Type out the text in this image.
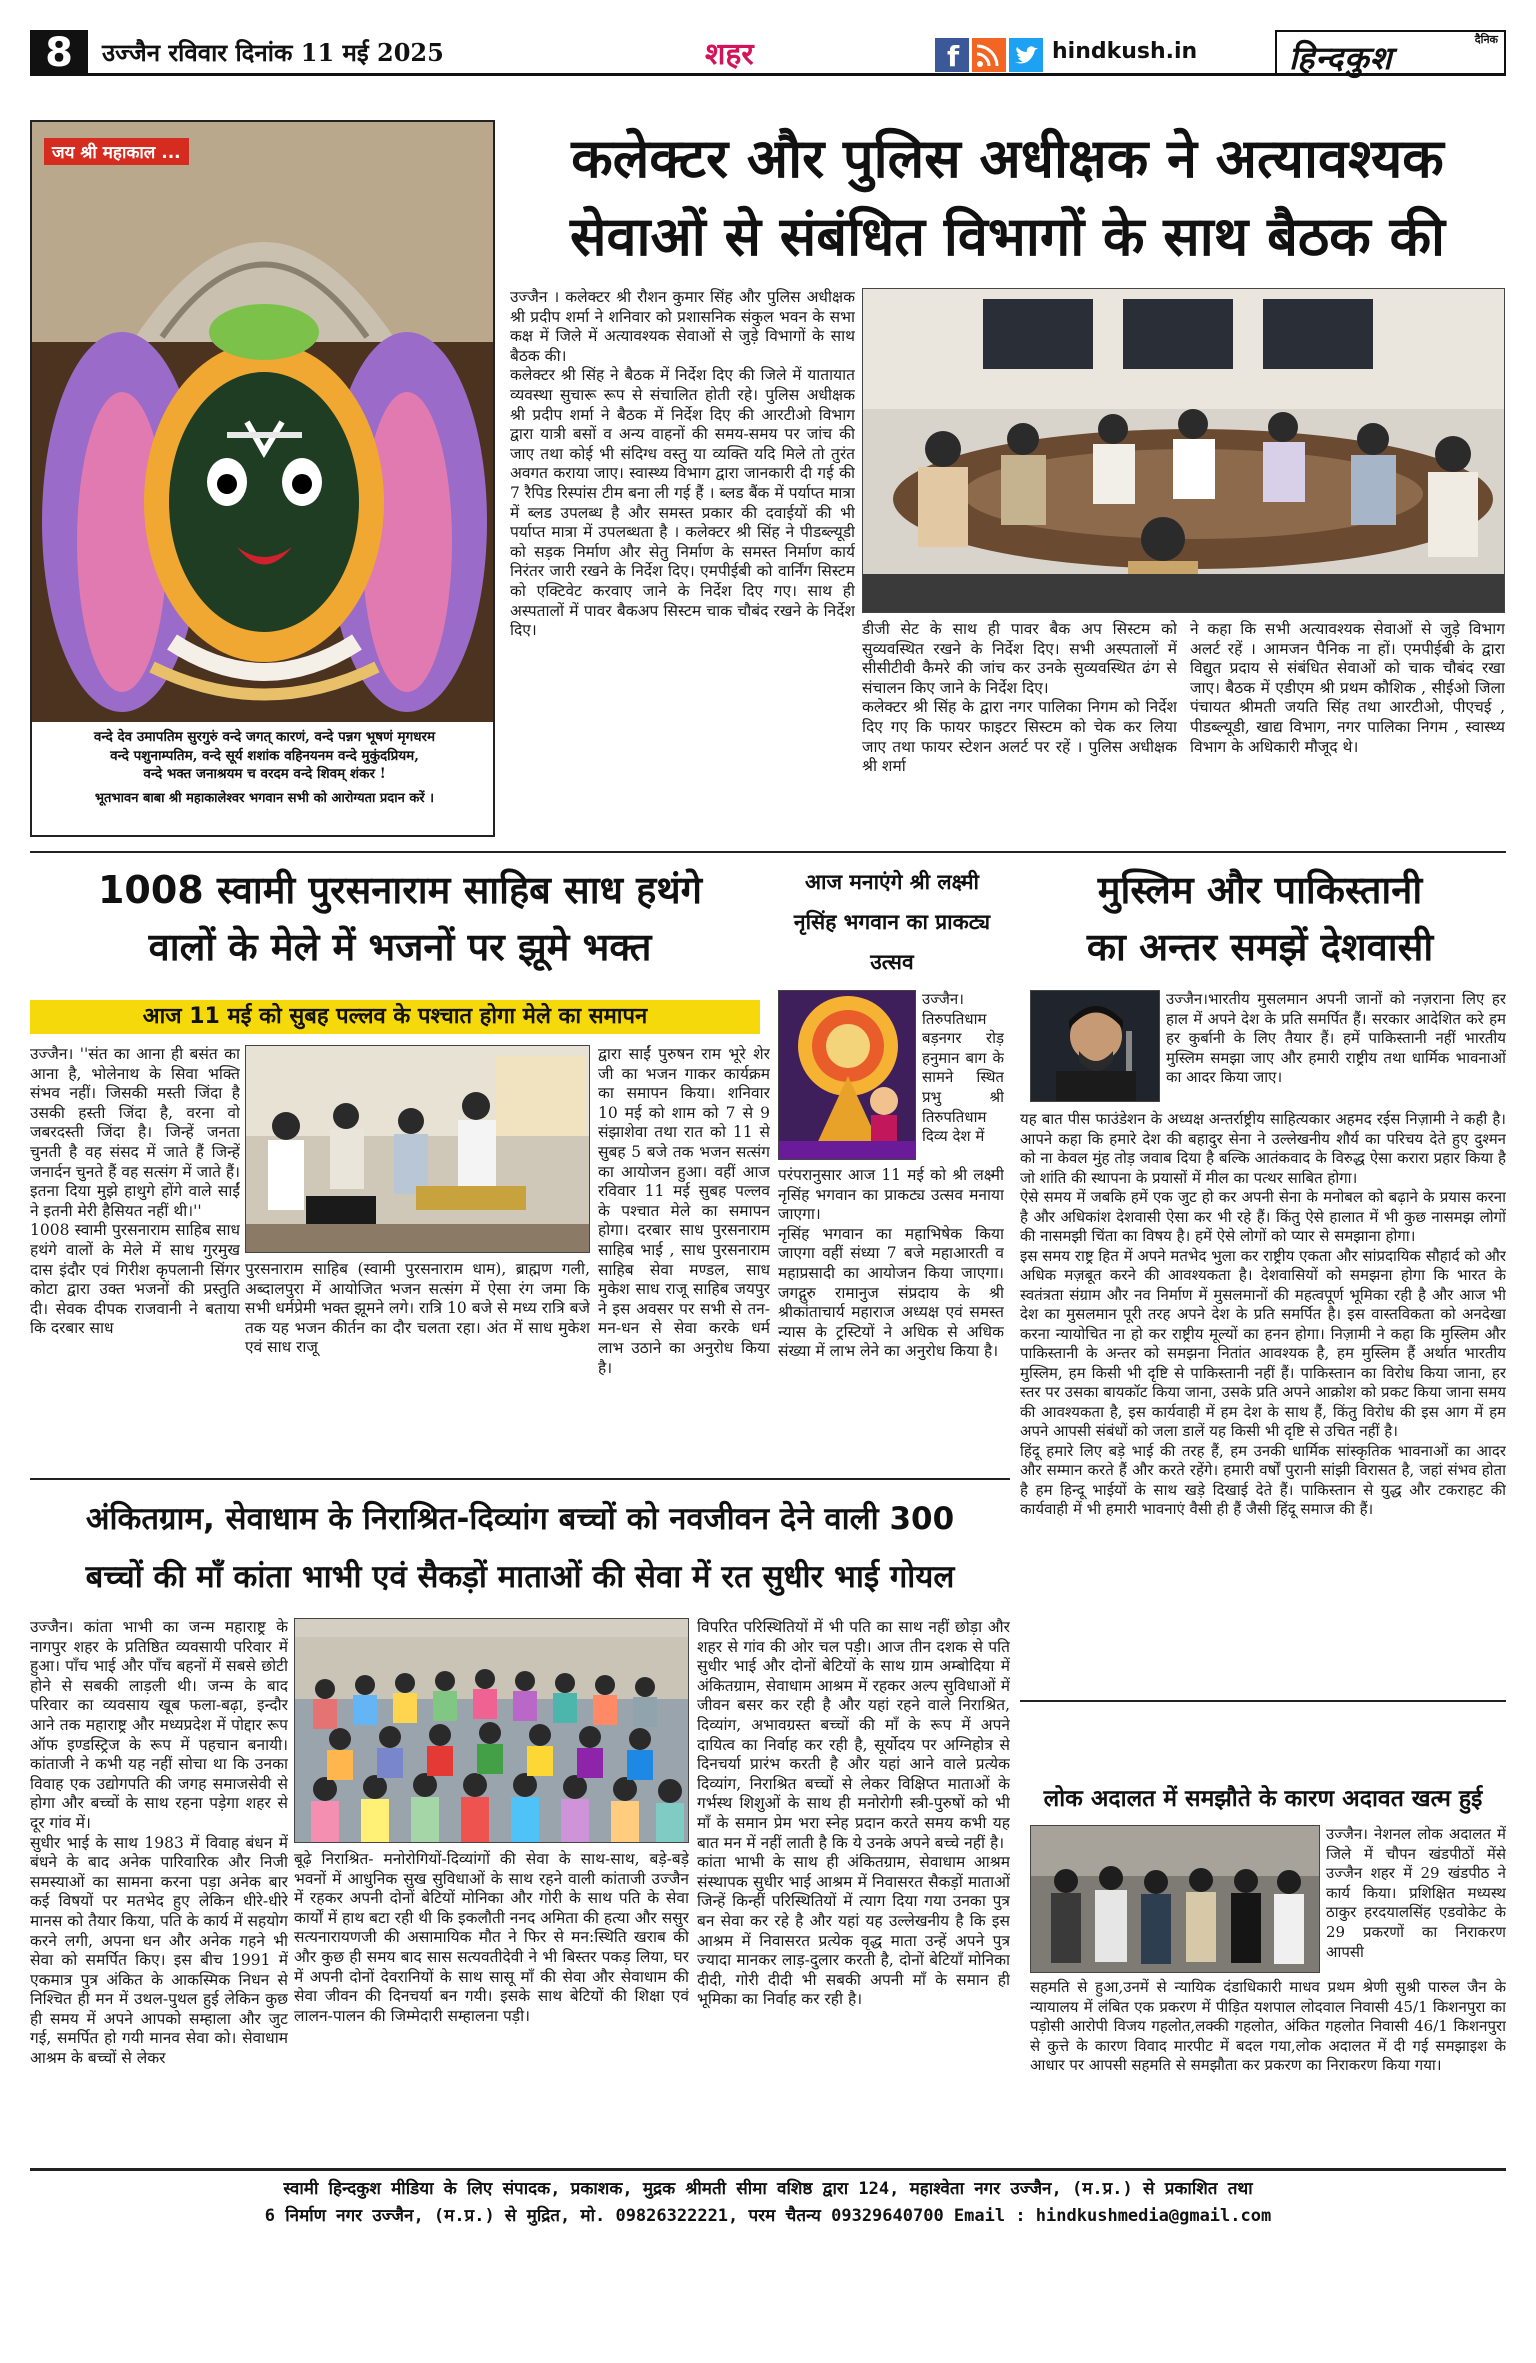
8	उज्जैन रविवार दिनांक 11 मई 2025	शहर	f	hindkush.in	दैनिक
हिन्दकुश
जय श्री महाकाल ...
वन्दे देव उमापतिम सुरगुरुं वन्दे जगत् कारणं, वन्दे पन्नग भूषणं मृगधरम
वन्दे पशुनाम्पतिम, वन्दे सूर्य शशांक वहिनयनम वन्दे मुकुंदप्रियम,
वन्दे भक्त जनाश्रयम च वरदम वन्दे शिवम् शंकर !
भूतभावन बाबा श्री महाकालेश्वर भगवान सभी को आरोग्यता प्रदान करें ।
कलेक्टर और पुलिस अधीक्षक ने अत्यावश्यक
सेवाओं से संबंधित विभागों के साथ बैठक की

उज्जैन । कलेक्टर श्री रौशन कुमार सिंह और पुलिस अधीक्षक श्री प्रदीप शर्मा ने शनिवार को प्रशासनिक संकुल भवन के सभा कक्ष में जिले में अत्यावश्यक सेवाओं से जुड़े विभागों के साथ बैठक की।
कलेक्टर श्री सिंह ने बैठक में निर्देश दिए की जिले में यातायात व्यवस्था सुचारू रूप से संचालित होती रहे। पुलिस अधीक्षक श्री प्रदीप शर्मा ने बैठक में निर्देश दिए की आरटीओ विभाग द्वारा यात्री बसों व अन्य वाहनों की समय-समय पर जांच की जाए तथा कोई भी संदिग्ध वस्तु या व्यक्ति यदि मिले तो तुरंत अवगत कराया जाए। स्वास्थ्य विभाग द्वारा जानकारी दी गई की 7 रैपिड रिस्पांस टीम बना ली गई हैं । ब्लड बैंक में पर्याप्त मात्रा में ब्लड उपलब्ध है और समस्त प्रकार की दवाईयों की भी पर्याप्त मात्रा में उपलब्धता है । कलेक्टर श्री सिंह ने पीडब्ल्यूडी को सड़क निर्माण और सेतु निर्माण के समस्त निर्माण कार्य निरंतर जारी रखने के निर्देश दिए। एमपीईबी को वार्निंग सिस्टम को एक्टिवेट करवाए जाने के निर्देश दिए गए। साथ ही अस्पतालों में पावर बैकअप सिस्टम चाक चौबंद रखने के निर्देश दिए।	डीजी सेट के साथ ही पावर बैक अप सिस्टम को सुव्यवस्थित रखने के निर्देश दिए। सभी अस्पतालों में सीसीटीवी कैमरे की जांच कर उनके सुव्यवस्थित ढंग से संचालन किए जाने के निर्देश दिए।
कलेक्टर श्री सिंह के द्वारा नगर पालिका निगम को निर्देश दिए गए कि फायर फाइटर सिस्टम को चेक कर लिया जाए तथा फायर स्टेशन अलर्ट पर रहें । पुलिस अधीक्षक श्री शर्मा

ने कहा कि सभी अत्यावश्यक सेवाओं से जुड़े विभाग अलर्ट रहें । आमजन पैनिक ना हों। एमपीईबी के द्वारा विद्युत प्रदाय से संबंधित सेवाओं को चाक चौबंद रखा जाए। बैठक में एडीएम श्री प्रथम कौशिक , सीईओ जिला पंचायत श्रीमती जयति सिंह तथा आरटीओ, पीएचई , पीडब्ल्यूडी, खाद्य विभाग, नगर पालिका निगम , स्वास्थ्य विभाग के अधिकारी मौजूद थे।

1008 स्वामी पुरसनाराम साहिब साध हथंगे
वालों के मेले में भजनों पर झूमे भक्त
आज 11 मई को सुबह पल्लव के पश्चात होगा मेले का समापन

उज्जैन। ''संत का आना ही बसंत का आना है, भोलेनाथ के सिवा भक्ति संभव नहीं। जिसकी मस्ती जिंदा है उसकी हस्ती जिंदा है, वरना वो जबरदस्ती जिंदा है। जिन्हें जनता चुनती है वह संसद में जाते हैं जिन्हें जनार्दन चुनते हैं वह सत्संग में जाते हैं। इतना दिया मुझे हाथुगे होंगे वाले साईं ने इतनी मेरी हैसियत नहीं थी।''
1008 स्वामी पुरसनाराम साहिब साध हथंगे वालों के मेले में साध गुरमुख दास इंदौर एवं गिरीश कृपलानी सिंगर कोटा द्वारा उक्त भजनों की प्रस्तुति दी। सेवक दीपक राजवानी ने बताया कि दरबार साध

पुरसनाराम साहिब (स्वामी पुरसनाराम धाम), ब्राह्मण गली, अब्दालपुरा में आयोजित भजन सत्संग में ऐसा रंग जमा कि सभी धर्मप्रेमी भक्त झूमने लगे। रात्रि 10 बजे से मध्य रात्रि बजे तक यह भजन कीर्तन का दौर चलता रहा। अंत में साध मुकेश एवं साध राजू

द्वारा साईं पुरुषन राम भूरे शेर जी का भजन गाकर कार्यक्रम का समापन किया। शनिवार 10 मई को शाम को 7 से 9 संझाशेवा तथा रात को 11 से सुबह 5 बजे तक भजन सत्संग का आयोजन हुआ। वहीं आज रविवार 11 मई सुबह पल्लव के पश्चात मेले का समापन होगा। दरबार साध पुरसनाराम साहिब भाई , साध पुरसनाराम साहिब सेवा मण्डल, साध मुकेश साध राजू साहिब जयपुर ने इस अवसर पर सभी से तन-मन-धन से सेवा करके धर्म लाभ उठाने का अनुरोध किया है।

आज मनाएंगे श्री लक्ष्मी नृसिंह भगवान का प्राकट्य उत्सव

उज्जैन। तिरुपतिधाम बड़नगर रोड़ हनुमान बाग के सामने स्थित प्रभु श्री तिरुपतिधाम दिव्य देश में

परंपरानुसार आज 11 मई को श्री लक्ष्मी नृसिंह भगवान का प्राकट्य उत्सव मनाया जाएगा।
नृसिंह भगवान का महाभिषेक किया जाएगा वहीं संध्या 7 बजे महाआरती व महाप्रसादी का आयोजन किया जाएगा। जगद्गुरु रामानुज संप्रदाय के श्री श्रीकांताचार्य महाराज अध्यक्ष एवं समस्त न्यास के ट्रस्टियों ने अधिक से अधिक संख्या में लाभ लेने का अनुरोध किया है।

मुस्लिम और पाकिस्तानी
का अन्तर समझें देशवासी

उज्जैन।भारतीय मुसलमान अपनी जानों को नज़राना लिए हर हाल में अपने देश के प्रति समर्पित हैं। सरकार आदेशित करे हम हर कुर्बानी के लिए तैयार हैं। हमें पाकिस्तानी नहीं भारतीय मुस्लिम समझा जाए और हमारी राष्ट्रीय तथा धार्मिक भावनाओं का आदर किया जाए।

यह बात पीस फाउंडेशन के अध्यक्ष अन्तर्राष्ट्रीय साहित्यकार अहमद रईस निज़ामी ने कही है। आपने कहा कि हमारे देश की बहादुर सेना ने उल्लेखनीय शौर्य का परिचय देते हुए दुश्मन को ना केवल मुंह तोड़ जवाब दिया है बल्कि आतंकवाद के विरुद्ध ऐसा करारा प्रहार किया है जो शांति की स्थापना के प्रयासों में मील का पत्थर साबित होगा।
ऐसे समय में जबकि हमें एक जुट हो कर अपनी सेना के मनोबल को बढ़ाने के प्रयास करना है और अधिकांश देशवासी ऐसा कर भी रहे हैं। किंतु ऐसे हालात में भी कुछ नासमझ लोगों की नासमझी चिंता का विषय है। हमें ऐसे लोगों को प्यार से समझाना होगा।
इस समय राष्ट्र हित में अपने मतभेद भुला कर राष्ट्रीय एकता और सांप्रदायिक सौहार्द को और अधिक मज़बूत करने की आवश्यकता है। देशवासियों को समझना होगा कि भारत के स्वतंत्रता संग्राम और नव निर्माण में मुसलमानों की महत्वपूर्ण भूमिका रही है और आज भी देश का मुसलमान पूरी तरह अपने देश के प्रति समर्पित है। इस वास्तविकता को अनदेखा करना न्यायोचित ना हो कर राष्ट्रीय मूल्यों का हनन होगा। निज़ामी ने कहा कि मुस्लिम और पाकिस्तानी के अन्तर को समझना नितांत आवश्यक है, हम मुस्लिम हैं अर्थात भारतीय मुस्लिम, हम किसी भी दृष्टि से पाकिस्तानी नहीं हैं। पाकिस्तान का विरोध किया जाना, हर स्तर पर उसका बायकॉट किया जाना, उसके प्रति अपने आक्रोश को प्रकट किया जाना समय की आवश्यकता है, इस कार्यवाही में हम देश के साथ हैं, किंतु विरोध की इस आग में हम अपने आपसी संबंधों को जला डालें यह किसी भी दृष्टि से उचित नहीं है।
हिंदू हमारे लिए बड़े भाई की तरह हैं, हम उनकी धार्मिक सांस्कृतिक भावनाओं का आदर और सम्मान करते हैं और करते रहेंगे। हमारी वर्षों पुरानी सांझी विरासत है, जहां संभव होता है हम हिन्दू भाईयों के साथ खड़े दिखाई देते हैं। पाकिस्तान से युद्ध और टकराहट की कार्यवाही में भी हमारी भावनाएं वैसी ही हैं जैसी हिंदू समाज की हैं।

लोक अदालत में समझौते के कारण अदावत खत्म हुई

उज्जैन। नेशनल लोक अदालत में जिले में चौपन खंडपीठों मेंसे उज्जैन शहर में 29 खंडपीठ ने कार्य किया। प्रशिक्षित मध्यस्थ ठाकुर हरदयालसिंह एडवोकेट के 29 प्रकरणों का निराकरण आपसी

सहमति से हुआ,उनमें से न्यायिक दंडाधिकारी माधव प्रथम श्रेणी सुश्री पारुल जैन के न्यायालय में लंबित एक प्रकरण में पीड़ित यशपाल लोदवाल निवासी 45/1 किशनपुरा का पड़ोसी आरोपी विजय गहलोत,लक्की गहलोत, अंकित गहलोत निवासी 46/1 किशनपुरा से कुत्ते के कारण विवाद मारपीट में बदल गया,लोक अदालत में दी गई समझाइश के आधार पर आपसी सहमति से समझौता कर प्रकरण का निराकरण किया गया।

अंकितग्राम, सेवाधाम के निराश्रित-दिव्यांग बच्चों को नवजीवन देने वाली 300
बच्चों की माँ कांता भाभी एवं सैकड़ों माताओं की सेवा में रत सुधीर भाई गोयल

उज्जैन। कांता भाभी का जन्म महाराष्ट्र के नागपुर शहर के प्रतिष्ठित व्यवसायी परिवार में हुआ। पाँच भाई और पाँच बहनों में सबसे छोटी होने से सबकी लाड़ली थी। जन्म के बाद परिवार का व्यवसाय खूब फला-बढ़ा, इन्दौर आने तक महाराष्ट्र और मध्यप्रदेश में पोद्दार रूप ऑफ इण्डस्ट्रिज के रूप में पहचान बनायी। कांताजी ने कभी यह नहीं सोचा था कि उनका विवाह एक उद्योगपति की जगह समाजसेवी से होगा और बच्चों के साथ रहना पड़ेगा शहर से दूर गांव में।
सुधीर भाई के साथ 1983 में विवाह बंधन में बंधने के बाद अनेक पारिवारिक और निजी समस्याओं का सामना करना पड़ा अनेक बार कई विषयों पर मतभेद हुए लेकिन धीरे-धीरे मानस को तैयार किया, पति के कार्य में सहयोग करने लगी, अपना धन और अनेक गहने भी सेवा को समर्पित किए। इस बीच 1991 में एकमात्र पुत्र अंकित के आकस्मिक निधन से निश्चित ही मन में उथल-पुथल हुई लेकिन कुछ ही समय में अपने आपको सम्हाला और जुट गई, समर्पित हो गयी मानव सेवा को। सेवाधाम आश्रम के बच्चों से लेकर

बूढ़े निराश्रित- मनोरोगियों-दिव्यांगों की सेवा के साथ-साथ, बड़े-बड़े भवनों में आधुनिक सुख सुविधाओं के साथ रहने वाली कांताजी उज्जैन में रहकर अपनी दोनों बेटियों मोनिका और गोरी के साथ पति के सेवा कार्यों में हाथ बटा रही थी कि इकलौती ननद अमिता की हत्या और ससुर सत्यनारायणजी की असामायिक मौत ने फिर से मन:स्थिति खराब की और कुछ ही समय बाद सास सत्यवतीदेवी ने भी बिस्तर पकड़ लिया, घर में अपनी दोनों देवरानियों के साथ सासू माँ की सेवा और सेवाधाम की सेवा जीवन की दिनचर्या बन गयी। इसके साथ बेटियों की शिक्षा एवं लालन-पालन की जिम्मेदारी सम्हालना पड़ी।

विपरित परिस्थितियों में भी पति का साथ नहीं छोड़ा और शहर से गांव की ओर चल पड़ी। आज तीन दशक से पति सुधीर भाई और दोनों बेटियों के साथ ग्राम अम्बोदिया में अंकितग्राम, सेवाधाम आश्रम में रहकर अल्प सुविधाओं में जीवन बसर कर रही है और यहां रहने वाले निराश्रित, दिव्यांग, अभावग्रस्त बच्चों की माँ के रूप में अपने दायित्व का निर्वाह कर रही है, सूर्योदय पर अग्निहोत्र से दिनचर्या प्रारंभ करती है और यहां आने वाले प्रत्येक दिव्यांग, निराश्रित बच्चों से लेकर विक्षिप्त माताओं के गर्भस्थ शिशुओं के साथ ही मनोरोगी स्त्री-पुरुषों को भी माँ के समान प्रेम भरा स्नेह प्रदान करते समय कभी यह बात मन में नहीं लाती है कि ये उनके अपने बच्चे नहीं है।
कांता भाभी के साथ ही अंकितग्राम, सेवाधाम आश्रम संस्थापक सुधीर भाई आश्रम में निवासरत सैकड़ों माताओं जिन्हें किन्हीं परिस्थितियों में त्याग दिया गया उनका पुत्र बन सेवा कर रहे है और यहां यह उल्लेखनीय है कि इस आश्रम में निवासरत प्रत्येक वृद्ध माता उन्हें अपने पुत्र ज्यादा मानकर लाड़-दुलार करती है, दोनों बेटियाँ मोनिका दीदी, गोरी दीदी भी सबकी अपनी माँ के समान ही भूमिका का निर्वाह कर रही है।

स्वामी हिन्दकुश मीडिया के लिए संपादक, प्रकाशक, मुद्रक श्रीमती सीमा वशिष्ठ द्वारा 124, महाश्वेता नगर उज्जैन, (म.प्र.) से प्रकाशित तथा
6 निर्माण नगर उज्जैन, (म.प्र.) से मुद्रित, मो. 09826322221, परम चैतन्य 09329640700 Email : hindkushmedia@gmail.com
